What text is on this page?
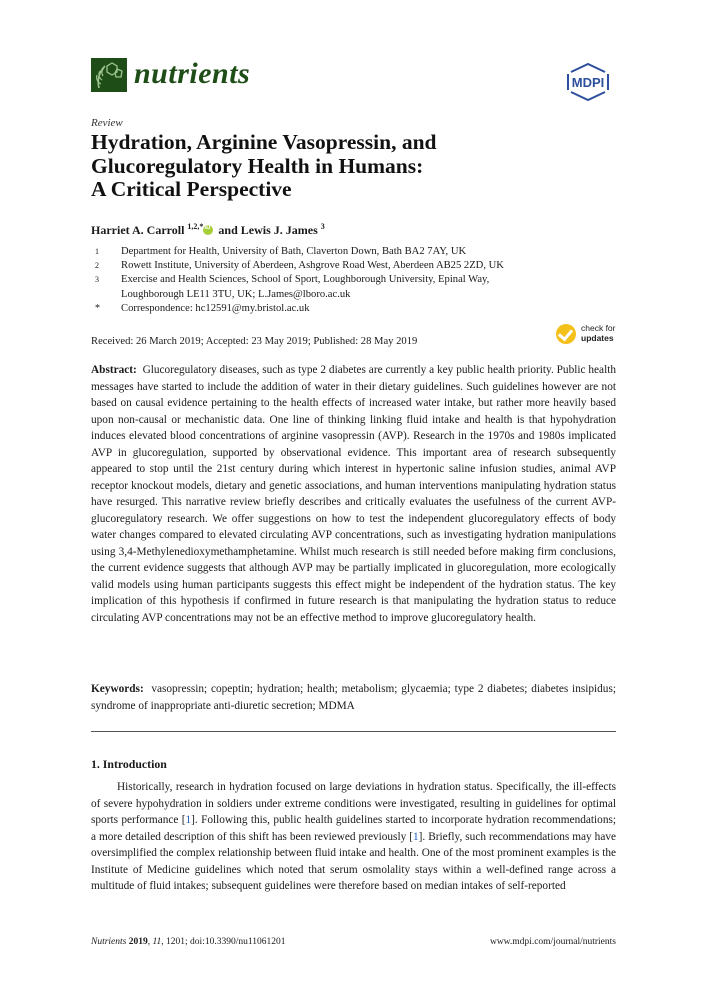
nutrients	MDPI
Review
Hydration, Arginine Vasopressin, and
Glucoregulatory Health in Humans:
A Critical Perspective
Harriet A. Carroll $^{1,2,*}$ iD and Lewis J. James $^3$
1	Department for Health, University of Bath, Claverton Down, Bath BA2 7AY, UK
2	Rowett Institute, University of Aberdeen, Ashgrove Road West, Aberdeen AB25 2ZD, UK
3	Exercise and Health Sciences, School of Sport, Loughborough University, Epinal Way, Loughborough LE11 3TU, UK; L.James@lboro.ac.uk
*	Correspondence: hc12591@my.bristol.ac.uk
Received: 26 March 2019; Accepted: 23 May 2019; Published: 28 May 2019
check for
updates
Abstract: Glucoregulatory diseases, such as type 2 diabetes are currently a key public health priority. Public health messages have started to include the addition of water in their dietary guidelines. Such guidelines however are not based on causal evidence pertaining to the health effects of increased water intake, but rather more heavily based upon non-causal or mechanistic data. One line of thinking linking fluid intake and health is that hypohydration induces elevated blood concentrations of arginine vasopressin (AVP). Research in the 1970s and 1980s implicated AVP in glucoregulation, supported by observational evidence. This important area of research subsequently appeared to stop until the 21st century during which interest in hypertonic saline infusion studies, animal AVP receptor knockout models, dietary and genetic associations, and human interventions manipulating hydration status have resurged. This narrative review briefly describes and critically evaluates the usefulness of the current AVP-glucoregulatory research. We offer suggestions on how to test the independent glucoregulatory effects of body water changes compared to elevated circulating AVP concentrations, such as investigating hydration manipulations using 3,4-Methylenedioxymethamphetamine. Whilst much research is still needed before making firm conclusions, the current evidence suggests that although AVP may be partially implicated in glucoregulation, more ecologically valid models using human participants suggests this effect might be independent of the hydration status. The key implication of this hypothesis if confirmed in future research is that manipulating the hydration status to reduce circulating AVP concentrations may not be an effective method to improve glucoregulatory health.
Keywords: vasopressin; copeptin; hydration; health; metabolism; glycaemia; type 2 diabetes; diabetes insipidus; syndrome of inappropriate anti-diuretic secretion; MDMA
1. Introduction
Historically, research in hydration focused on large deviations in hydration status. Specifically, the ill-effects of severe hypohydration in soldiers under extreme conditions were investigated, resulting in guidelines for optimal sports performance [1]. Following this, public health guidelines started to incorporate hydration recommendations; a more detailed description of this shift has been reviewed previously [1]. Briefly, such recommendations may have oversimplified the complex relationship between fluid intake and health. One of the most prominent examples is the Institute of Medicine guidelines which noted that serum osmolality stays within a well-defined range across a multitude of fluid intakes; subsequent guidelines were therefore based on median intakes of self-reported
Nutrients 2019, 11, 1201; doi:10.3390/nu11061201	www.mdpi.com/journal/nutrients
